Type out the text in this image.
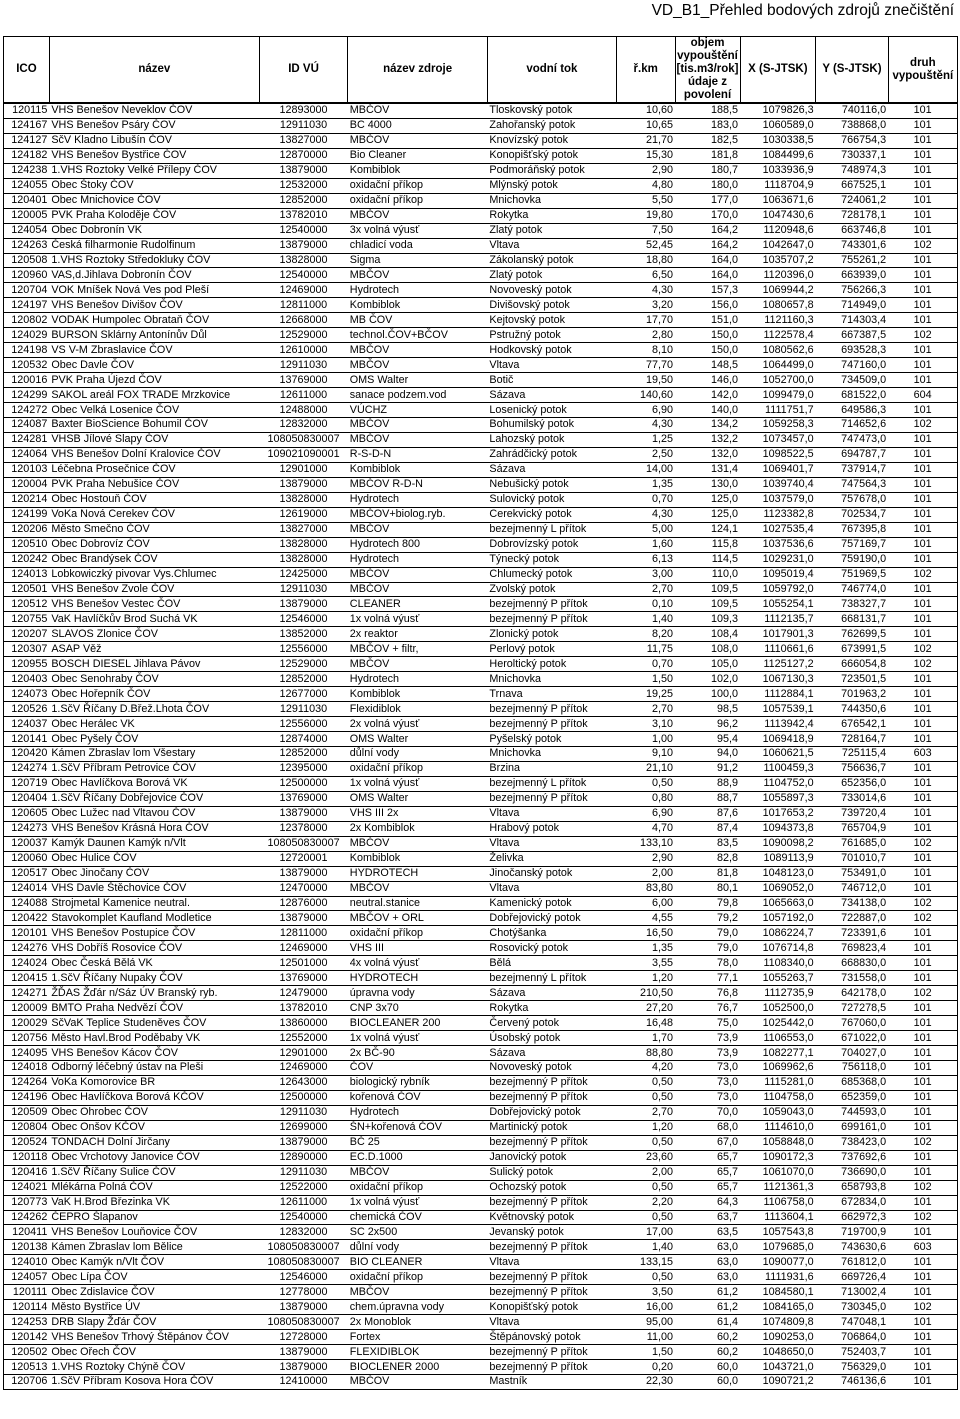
VD_B1_Přehled bodových zdrojů znečištění
ICO	název	ID VÚ	název zdroje	vodní tok	ř.km	objem vypouštění [tis.m3/rok] údaje z povolení	X (S-JTSK)	Y (S-JTSK)	druh vypouštění
120115	VHS Benešov Neveklov ČOV	12893000	MBČOV	Tloskovský potok	10,60	188,5	1079826,3	740116,0	101
124167	VHS Benešov Psáry ČOV	12911030	BC 4000	Zahořanský potok	10,65	183,0	1060589,0	738868,0	101
124127	SčV Kladno Libušín ČOV	13827000	MBČOV	Knovízský potok	21,70	182,5	1030338,5	766754,3	101
124182	VHS Benešov Bystřice ČOV	12870000	Bio Cleaner	Konopišťský potok	15,30	181,8	1084499,6	730337,1	101
124238	1.VHS Roztoky Velké Přílepy ČOV	13879000	Kombiblok	Podmoráňský potok	2,90	180,7	1033936,9	748974,3	101
124055	Obec Štoky ČOV	12532000	oxidační příkop	Mlýnský potok	4,80	180,0	1118704,9	667525,1	101
120401	Obec Mnichovice ČOV	12852000	oxidační příkop	Mnichovka	5,50	177,0	1063671,6	724061,2	101
120005	PVK Praha Koloděje ČOV	13782010	MBČOV	Rokytka	19,80	170,0	1047430,6	728178,1	101
124054	Obec Dobronín VK	12540000	3x volná výusť	Zlatý potok	7,50	164,2	1120948,6	663746,8	101
124263	Česká filharmonie Rudolfinum	13879000	chladicí voda	Vltava	52,45	164,2	1042647,0	743301,6	102
120508	1.VHS Roztoky Středokluky ČOV	13828000	Sigma	Zákolanský potok	18,80	164,0	1035707,2	755261,2	101
120960	VAS,d.Jihlava Dobronín ČOV	12540000	MBČOV	Zlatý potok	6,50	164,0	1120396,0	663939,0	101
120704	VOK Mníšek Nová Ves pod Pleší	12469000	Hydrotech	Novoveský potok	4,30	157,3	1069944,2	756266,3	101
124197	VHS Benešov Divišov ČOV	12811000	Kombiblok	Divišovský potok	3,20	156,0	1080657,8	714949,0	101
120802	VODAK Humpolec Obrataň ČOV	12668000	MB ČOV	Kejtovský potok	17,70	151,0	1121160,3	714303,4	101
124029	BURSON Sklárny Antonínův Důl	12529000	technol.ČOV+BČOV	Pstružný potok	2,80	150,0	1122578,4	667387,5	102
124198	VS V-M Zbraslavice ČOV	12610000	MBČOV	Hodkovský potok	8,10	150,0	1080562,6	693528,3	101
120532	Obec Davle ČOV	12911030	MBČOV	Vltava	77,70	148,5	1064499,0	747160,0	101
120016	PVK Praha Újezd ČOV	13769000	OMS Walter	Botič	19,50	146,0	1052700,0	734509,0	101
124299	SAKOL areál FOX TRADE Mrzkovice	12611000	sanace podzem.vod	Sázava	140,60	142,0	1099479,0	681522,0	604
124272	Obec Velká Losenice ČOV	12488000	VÚCHZ	Losenický potok	6,90	140,0	1111751,7	649586,3	101
124087	Baxter BioScience Bohumil ČOV	12832000	MBČOV	Bohumilský potok	4,30	134,2	1059258,3	714652,6	102
124281	VHSB Jílové Slapy ČOV	108050830007	MBČOV	Lahozský potok	1,25	132,2	1073457,0	747473,0	101
124064	VHS Benešov Dolní Kralovice ČOV	109021090001	R-S-D-N	Zahrádčický potok	2,50	132,0	1098522,5	694787,7	101
120103	Léčebna Prosečnice ČOV	12901000	Kombiblok	Sázava	14,00	131,4	1069401,7	737914,7	101
120004	PVK Praha Nebušice ČOV	13879000	MBČOV R-D-N	Nebušický potok	1,35	130,0	1039740,4	747564,3	101
120214	Obec Hostouň ČOV	13828000	Hydrotech	Sulovický potok	0,70	125,0	1037579,0	757678,0	101
124199	VoKa Nová Cerekev ČOV	12619000	MBČOV+biolog.ryb.	Cerekvický potok	4,30	125,0	1123382,8	702534,7	101
120206	Město Smečno ČOV	13827000	MBČOV	bezejmenný L přítok	5,00	124,1	1027535,4	767395,8	101
120510	Obec Dobrovíz ČOV	13828000	Hydrotech 800	Dobrovízský potok	1,60	115,8	1037536,6	757169,7	101
120242	Obec Brandýsek ČOV	13828000	Hydrotech	Týnecký potok	6,13	114,5	1029231,0	759190,0	101
124013	Lobkowiczký pivovar Vys.Chlumec	12425000	MBČOV	Chlumecký potok	3,00	110,0	1095019,4	751969,5	102
120501	VHS Benešov Zvole ČOV	12911030	MBČOV	Zvolský potok	2,70	109,5	1059792,0	746774,0	101
120512	VHS Benešov Vestec ČOV	13879000	CLEANER	bezejmenný P přítok	0,10	109,5	1055254,1	738327,7	101
120755	VaK Havlíčkův Brod Suchá VK	12546000	1x volná výusť	bezejmenný P přítok	1,40	109,3	1112135,7	668131,7	101
120207	SLAVOS Zlonice ČOV	13852000	2x reaktor	Zlonický potok	8,20	108,4	1017901,3	762699,5	101
120307	ASAP Věž	12556000	MBČOV + filtr,	Perlový potok	11,75	108,0	1110661,6	673991,5	102
120955	BOSCH DIESEL Jihlava Pávov	12529000	MBČOV	Heroltický potok	0,70	105,0	1125127,2	666054,8	102
120403	Obec Senohraby ČOV	12852000	Hydrotech	Mnichovka	1,50	102,0	1067130,3	723501,5	101
124073	Obec Hořepník ČOV	12677000	Kombiblok	Trnava	19,25	100,0	1112884,1	701963,2	101
120526	1.SčV Říčany D.Břež.Lhota ČOV	12911030	Flexidiblok	bezejmenný P přítok	2,70	98,5	1057539,1	744350,6	101
124037	Obec Herálec VK	12556000	2x volná výusť	bezejmenný P přítok	3,10	96,2	1113942,4	676542,1	101
120141	Obec Pyšely ČOV	12874000	OMS Walter	Pyšelský potok	1,00	95,4	1069418,9	728164,7	101
120420	Kámen Zbraslav lom Všestary	12852000	důlní vody	Mnichovka	9,10	94,0	1060621,5	725115,4	603
124274	1.SčV Příbram Petrovice ČOV	12395000	oxidační příkop	Brzina	21,10	91,2	1100459,3	756636,7	101
120719	Obec Havlíčkova Borová VK	12500000	1x volná výusť	bezejmenný L přítok	0,50	88,9	1104752,0	652356,0	101
120404	1.SčV Říčany Dobřejovice ČOV	13769000	OMS Walter	bezejmenný P přítok	0,80	88,7	1055897,3	733014,6	101
120605	Obec Lužec nad Vltavou ČOV	13879000	VHS III 2x	Vltava	6,90	87,6	1017653,2	739720,4	101
124273	VHS Benešov Krásná Hora ČOV	12378000	2x Kombiblok	Hrabový potok	4,70	87,4	1094373,8	765704,9	101
120037	Kamýk Daunen Kamýk n/Vlt	108050830007	MBČOV	Vltava	133,10	83,5	1090098,2	761685,0	102
120060	Obec Hulice ČOV	12720001	Kombiblok	Želivka	2,90	82,8	1089113,9	701010,7	101
120517	Obec Jinočany ČOV	13879000	HYDROTECH	Jinočanský potok	2,00	81,8	1048123,0	753491,0	101
124014	VHS Davle Štěchovice ČOV	12470000	MBČOV	Vltava	83,80	80,1	1069052,0	746712,0	101
124088	Strojmetal Kamenice neutral.	12876000	neutral.stanice	Kamenický potok	6,00	79,8	1065663,0	734138,0	102
120422	Stavokomplet Kaufland Modletice	13879000	MBČOV + ORL	Dobřejovický potok	4,55	79,2	1057192,0	722887,0	102
120101	VHS Benešov Postupice ČOV	12811000	oxidační příkop	Chotýšanka	16,50	79,0	1086224,7	723391,6	101
124276	VHS Dobříš Rosovice ČOV	12469000	VHS III	Rosovický potok	1,35	79,0	1076714,8	769823,4	101
124024	Obec Česká Bělá VK	12501000	4x volná výusť	Bělá	3,55	78,0	1108340,0	668830,0	101
120415	1.SčV Říčany Nupaky ČOV	13769000	HYDROTECH	bezejmenný L přítok	1,20	77,1	1055263,7	731558,0	101
124271	ŽĎAS Žďár n/Sáz ÚV Branský ryb.	12479000	úpravna vody	Sázava	210,50	76,8	1112735,9	642178,0	102
120009	BMTO Praha Nedvězí ČOV	13782010	CNP 3x70	Rokytka	27,20	76,7	1052500,0	727278,5	101
120029	SčVaK Teplice Studeněves ČOV	13860000	BIOCLEANER 200	Červený potok	16,48	75,0	1025442,0	767060,0	101
120756	Město Havl.Brod Poděbaby VK	12552000	1x volná výusť	Úsobský potok	1,70	73,9	1106553,0	671022,0	101
124095	VHS Benešov Kácov ČOV	12901000	2x BČ-90	Sázava	88,80	73,9	1082277,1	704027,0	101
124018	Odborný léčebný ústav na Pleši	12469000	ČOV	Novoveský potok	4,20	73,0	1069962,6	756118,0	101
124264	VoKa Komorovice BR	12643000	biologický rybník	bezejmenný P přítok	0,50	73,0	1115281,0	685368,0	101
124196	Obec Havlíčkova Borová KČOV	12500000	kořenová ČOV	bezejmenný P přítok	0,50	73,0	1104758,0	652359,0	101
120509	Obec Ohrobec ČOV	12911030	Hydrotech	Dobřejovický potok	2,70	70,0	1059043,0	744593,0	101
120804	Obec Onšov KČOV	12699000	ŠN+kořenová ČOV	Martinický potok	1,20	68,0	1114610,0	699161,0	101
120524	TONDACH Dolní Jirčany	13879000	BČ 25	bezejmenný P přítok	0,50	67,0	1058848,0	738423,0	102
120118	Obec Vrchotovy Janovice ČOV	12890000	EC.D.1000	Janovický potok	23,60	65,7	1090172,3	737692,6	101
120416	1.SčV Říčany Sulice ČOV	12911030	MBČOV	Sulický potok	2,00	65,7	1061070,0	736690,0	101
124021	Mlékárna Polná ČOV	12522000	oxidační příkop	Ochozský potok	0,50	65,7	1121361,3	658793,8	102
120773	VaK H.Brod Březinka VK	12611000	1x volná výusť	bezejmenný P přítok	2,20	64,3	1106758,0	672834,0	101
124262	ČEPRO Šlapanov	12540000	chemická ČOV	Květnovský potok	0,50	63,7	1113604,1	662972,3	102
120411	VHS Benešov Louňovice ČOV	12832000	SC 2x500	Jevanský potok	17,00	63,5	1057543,8	719700,9	101
120138	Kámen Zbraslav lom Bělice	108050830007	důlní vody	bezejmenný P přítok	1,40	63,0	1079685,0	743630,6	603
124010	Obec Kamýk n/Vlt ČOV	108050830007	BIO CLEANER	Vltava	133,15	63,0	1090077,0	761812,0	101
124057	Obec Lípa ČOV	12546000	oxidační příkop	bezejmenný P přítok	0,50	63,0	1111931,6	669726,4	101
120111	Obec Zdislavice ČOV	12778000	MBČOV	bezejmenný P přítok	3,50	61,2	1084580,1	713002,4	101
120114	Město Bystřice ÚV	13879000	chem.úpravna vody	Konopišťský potok	16,00	61,2	1084165,0	730345,0	102
124253	DRB Slapy Žďár ČOV	108050830007	2x Monoblok	Vltava	95,00	61,4	1074809,8	747048,1	101
120142	VHS Benešov Trhový Štěpánov ČOV	12728000	Fortex	Štěpánovský potok	11,00	60,2	1090253,0	706864,0	101
120502	Obec Ořech ČOV	13879000	FLEXIDIBLOK	bezejmenný P přítok	1,50	60,2	1048650,0	752403,7	101
120513	1.VHS Roztoky Chýně ČOV	13879000	BIOCLENER 2000	bezejmenný P přítok	0,20	60,0	1043721,0	756329,0	101
120706	1.SčV Příbram Kosova Hora ČOV	12410000	MBČOV	Mastník	22,30	60,0	1090721,2	746136,6	101
